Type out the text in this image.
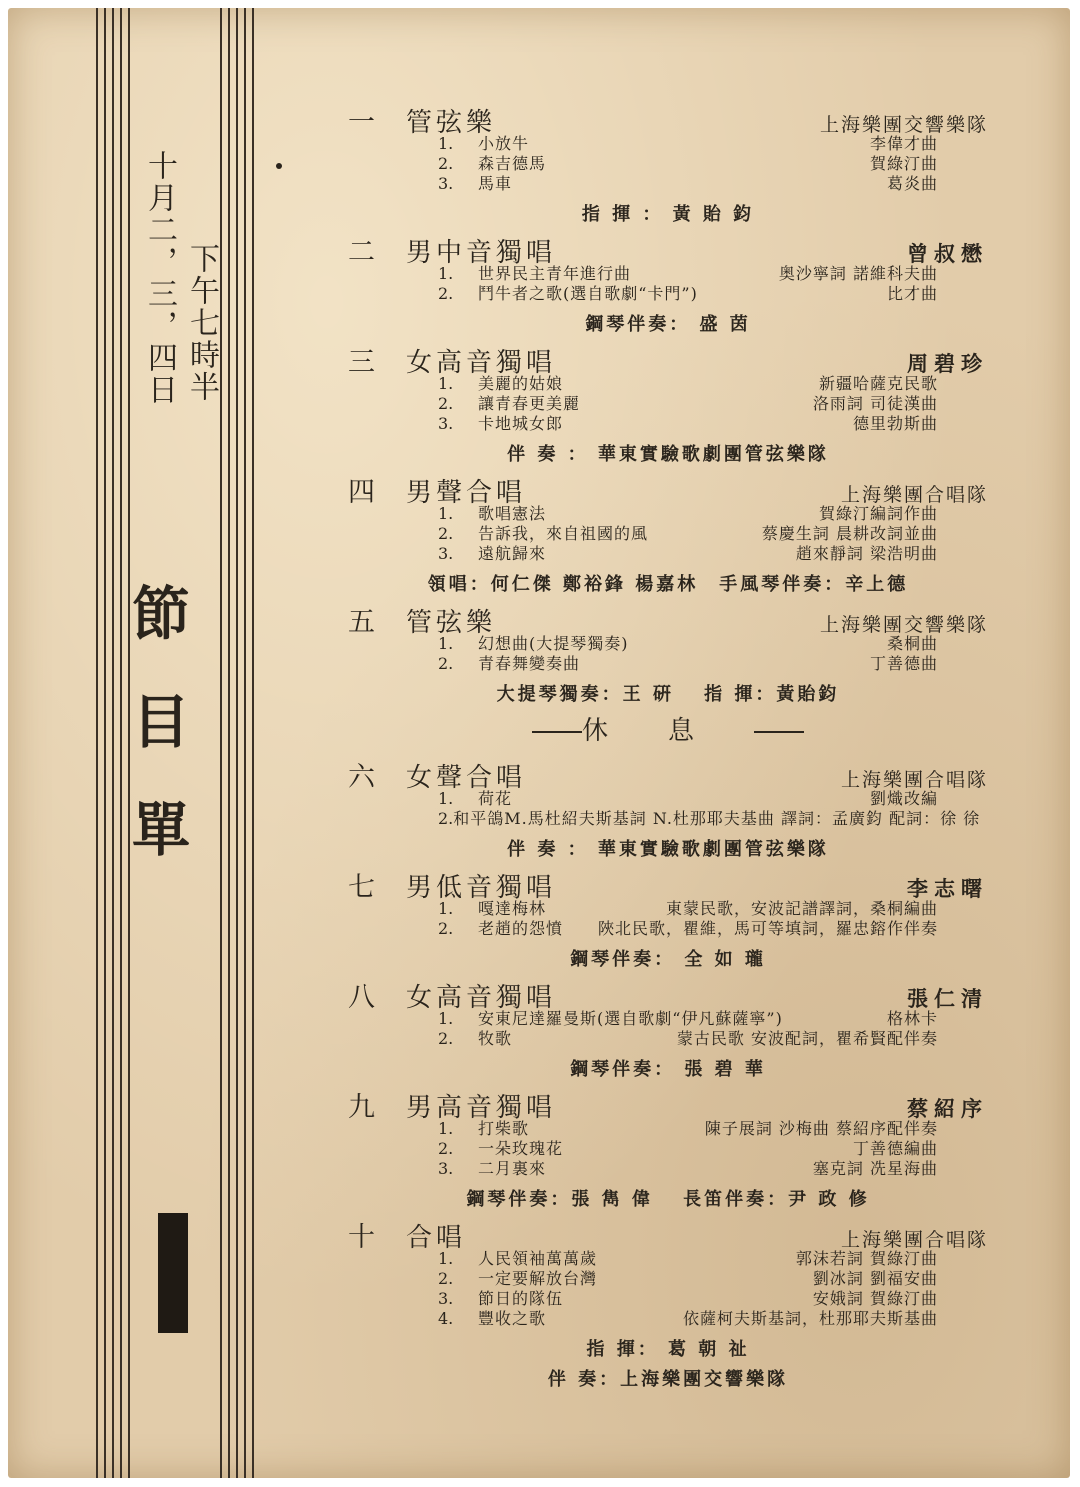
十月二，三，四日 下午七時半
節目單
一	管弦樂	上海樂團交響樂隊
1.	小放牛	李偉才曲
2.	森吉德馬	賀綠汀曲
3.	馬車	葛炎曲
指 揮 ： 黃 貽 鈞
二	男中音獨唱	曾叔懋
1.	世界民主青年進行曲	奥沙寧詞 諾維科夫曲
2.	鬥牛者之歌(選自歌劇“卡門”)	比才曲
鋼琴伴奏： 盛 茵
三	女高音獨唱	周碧珍
1.	美麗的姑娘	新疆哈薩克民歌
2.	讓青春更美麗	洛雨詞 司徒漢曲
3.	卡地城女郎	德里勃斯曲
伴 奏 ： 華東實驗歌劇團管弦樂隊
四	男聲合唱	上海樂團合唱隊
1.	歌唱憲法	賀綠汀編詞作曲
2.	告訴我，來自祖國的風	蔡慶生詞 晨耕改詞並曲
3.	遠航歸來	趙來靜詞 梁浩明曲
領唱：何仁傑 鄭裕鋒 楊嘉林　手風琴伴奏：辛上德
五	管弦樂	上海樂團交響樂隊
1.	幻想曲(大提琴獨奏)	桑桐曲
2.	青春舞變奏曲	丁善德曲
大提琴獨奏：王 硏　 指 揮：黃貽鈞
休息
六	女聲合唱	上海樂團合唱隊
1.	荷花	劉熾改編
2. 和平鴿 M.馬杜紹夫斯基詞 N.杜那耶夫基曲 譯詞：孟廣鈞 配詞：徐 徐
伴 奏 ： 華東實驗歌劇團管弦樂隊
七	男低音獨唱	李志曙
1.	嘎達梅林	東蒙民歌，安波記譜譯詞，桑桐編曲
2.	老趙的怨憤	陜北民歌，瞿維，馬可等填詞，羅忠鎔作伴奏
鋼琴伴奏： 全 如 瓏
八	女高音獨唱	張仁清
1.	安東尼達羅曼斯(選自歌劇“伊凡蘇薩寧”)	格林卡
2.	牧歌	蒙古民歌 安波配詞，瞿希賢配伴奏
鋼琴伴奏： 張 碧 華
九	男高音獨唱	蔡紹序
1.	打柴歌	陳子展詞 沙梅曲 蔡紹序配伴奏
2.	一朵玫瑰花	丁善德編曲
3.	二月裏來	塞克詞 冼星海曲
鋼琴伴奏：張 雋 偉　 長笛伴奏：尹 政 修
十	合唱	上海樂團合唱隊
1.	人民領袖萬萬歲	郭沫若詞 賀綠汀曲
2.	一定要解放台灣	劉冰詞 劉福安曲
3.	節日的隊伍	安娥詞 賀綠汀曲
4.	豐收之歌	依薩柯夫斯基詞，杜那耶夫斯基曲
指 揮： 葛 朝 祉
伴 奏：上海樂團交響樂隊
